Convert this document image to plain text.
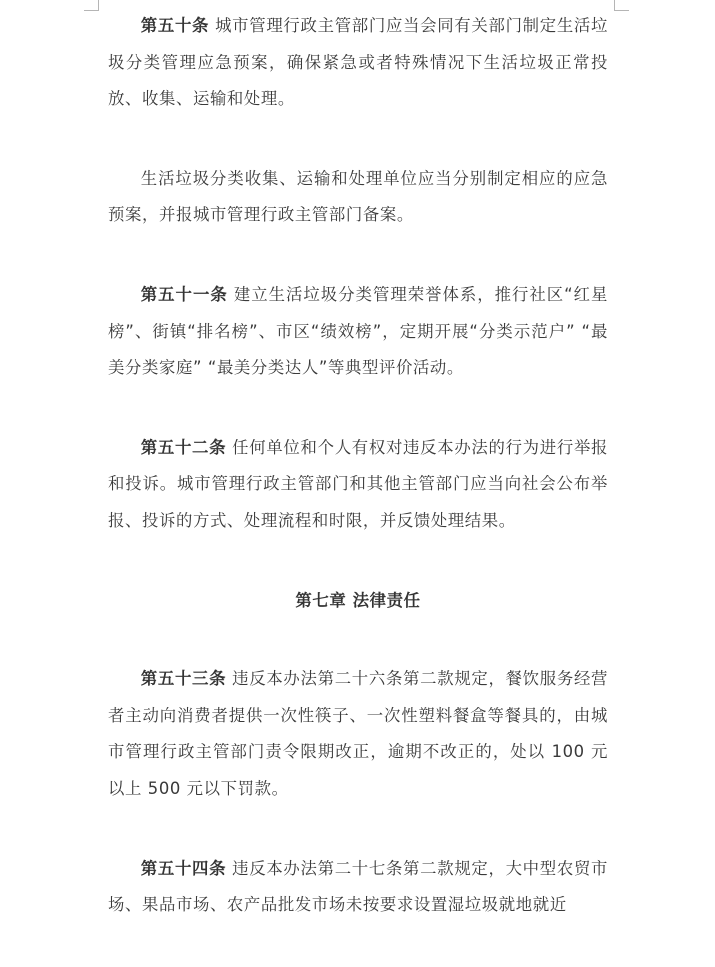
第五十条 城市管理行政主管部门应当会同有关部门制定生活垃圾分类管理应急预案，确保紧急或者特殊情况下生活垃圾正常投放、收集、运输和处理。

生活垃圾分类收集、运输和处理单位应当分别制定相应的应急预案，并报城市管理行政主管部门备案。

第五十一条 建立生活垃圾分类管理荣誉体系，推行社区“红星榜”、街镇“排名榜”、市区“绩效榜”，定期开展“分类示范户” “最美分类家庭” “最美分类达人”等典型评价活动。

第五十二条 任何单位和个人有权对违反本办法的行为进行举报和投诉。城市管理行政主管部门和其他主管部门应当向社会公布举报、投诉的方式、处理流程和时限，并反馈处理结果。

第七章 法律责任

第五十三条 违反本办法第二十六条第二款规定，餐饮服务经营者主动向消费者提供一次性筷子、一次性塑料餐盒等餐具的，由城市管理行政主管部门责令限期改正，逾期不改正的，处以 100 元以上 500 元以下罚款。

第五十四条 违反本办法第二十七条第二款规定，大中型农贸市场、果品市场、农产品批发市场未按要求设置湿垃圾就地就近
